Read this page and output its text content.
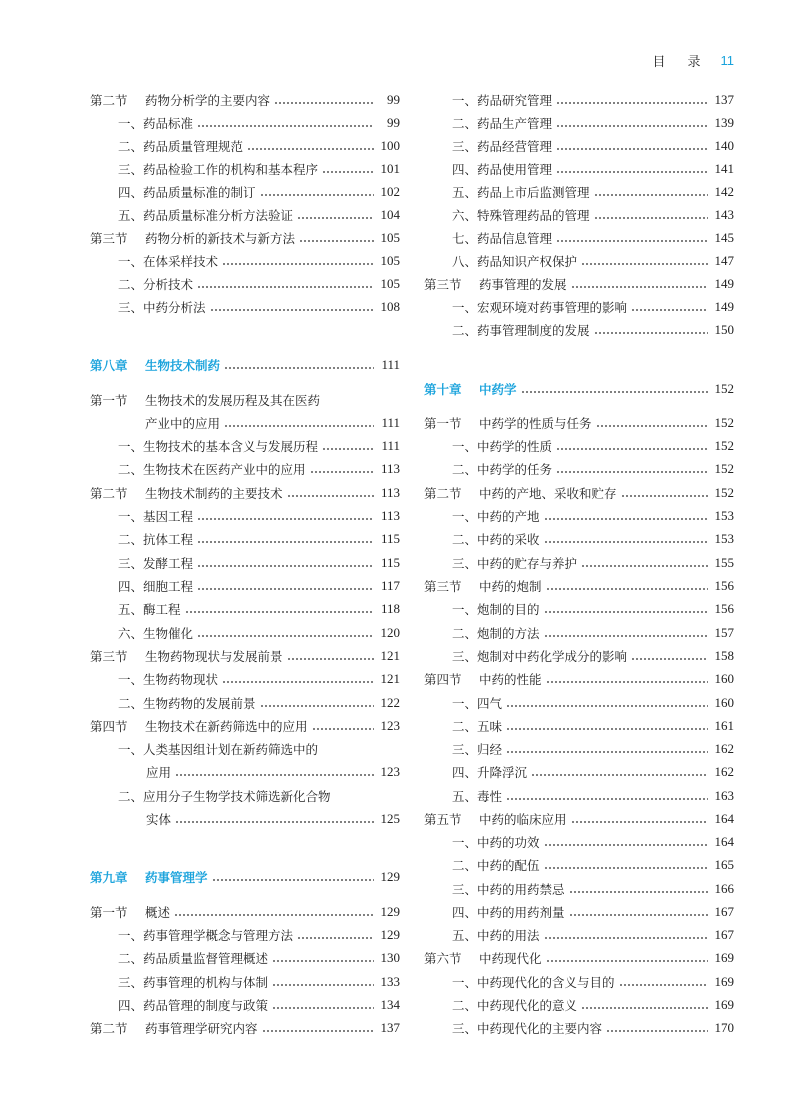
目 录 11
第二节 药物分析学的主要内容	99
一、药品标准	99
二、药品质量管理规范	100
三、药品检验工作的机构和基本程序	101
四、药品质量标准的制订	102
五、药品质量标准分析方法验证	104
第三节 药物分析的新技术与新方法	105
一、在体采样技术	105
二、分析技术	105
三、中药分析法	108
第八章 生物技术制药	111
第一节 生物技术的发展历程及其在医药
产业中的应用	111
一、生物技术的基本含义与发展历程	111
二、生物技术在医药产业中的应用	113
第二节 生物技术制药的主要技术	113
一、基因工程	113
二、抗体工程	115
三、发酵工程	115
四、细胞工程	117
五、酶工程	118
六、生物催化	120
第三节 生物药物现状与发展前景	121
一、生物药物现状	121
二、生物药物的发展前景	122
第四节 生物技术在新药筛选中的应用	123
一、人类基因组计划在新药筛选中的
应用	123
二、应用分子生物学技术筛选新化合物
实体	125
第九章 药事管理学	129
第一节 概述	129
一、药事管理学概念与管理方法	129
二、药品质量监督管理概述	130
三、药事管理的机构与体制	133
四、药品管理的制度与政策	134
第二节 药事管理学研究内容	137
一、药品研究管理	137
二、药品生产管理	139
三、药品经营管理	140
四、药品使用管理	141
五、药品上市后监测管理	142
六、特殊管理药品的管理	143
七、药品信息管理	145
八、药品知识产权保护	147
第三节 药事管理的发展	149
一、宏观环境对药事管理的影响	149
二、药事管理制度的发展	150
第十章 中药学	152
第一节 中药学的性质与任务	152
一、中药学的性质	152
二、中药学的任务	152
第二节 中药的产地、采收和贮存	152
一、中药的产地	153
二、中药的采收	153
三、中药的贮存与养护	155
第三节 中药的炮制	156
一、炮制的目的	156
二、炮制的方法	157
三、炮制对中药化学成分的影响	158
第四节 中药的性能	160
一、四气	160
二、五味	161
三、归经	162
四、升降浮沉	162
五、毒性	163
第五节 中药的临床应用	164
一、中药的功效	164
二、中药的配伍	165
三、中药的用药禁忌	166
四、中药的用药剂量	167
五、中药的用法	167
第六节 中药现代化	169
一、中药现代化的含义与目的	169
二、中药现代化的意义	169
三、中药现代化的主要内容	170
